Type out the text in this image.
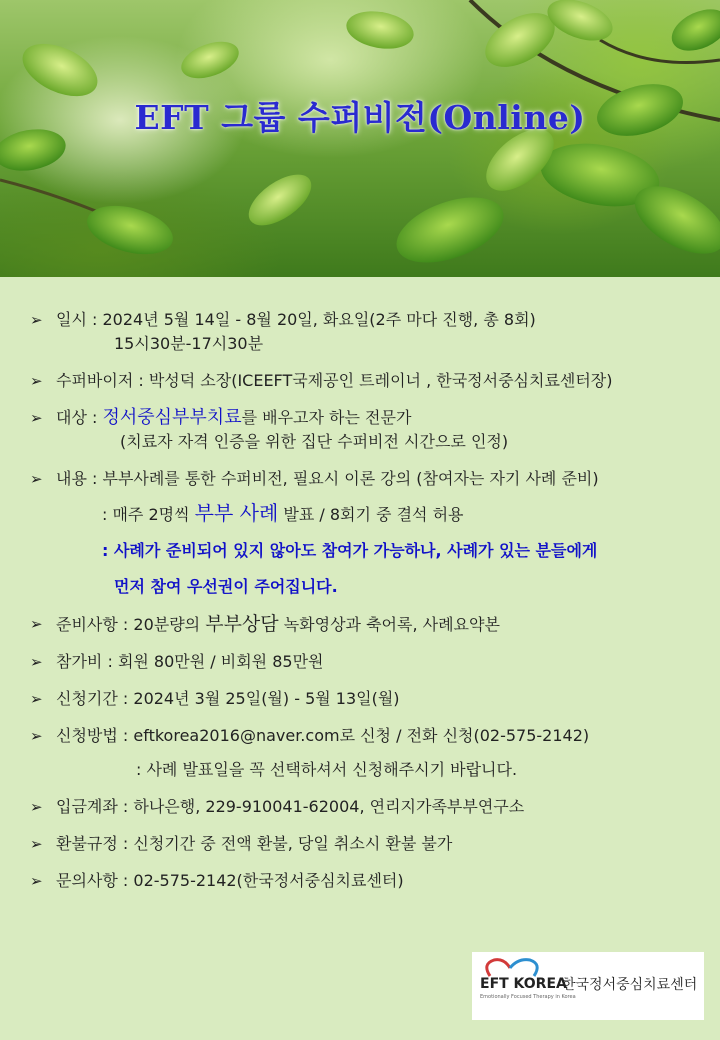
EFT 그룹 수퍼비전(Online)
➢ 일시 : 2024년 5월 14일 - 8월 20일, 화요일(2주 마다 진행, 총 8회)
15시30분-17시30분
➢ 수퍼바이저 : 박성덕 소장(ICEEFT국제공인 트레이너 , 한국정서중심치료센터장)
➢ 대상 : 정서중심부부치료를 배우고자 하는 전문가
(치료자 자격 인증을 위한 집단 수퍼비전 시간으로 인정)
➢ 내용 : 부부사례를 통한 수퍼비전, 필요시 이론 강의 (참여자는 자기 사례 준비)
: 매주 2명씩 부부 사례 발표 / 8회기 중 결석 허용
: 사례가 준비되어 있지 않아도 참여가 가능하나, 사례가 있는 분들에게
먼저 참여 우선권이 주어집니다.
➢ 준비사항 : 20분량의 부부상담 녹화영상과 축어록, 사례요약본
➢ 참가비 : 회원 80만원 / 비회원 85만원
➢ 신청기간 : 2024년 3월 25일(월) - 5월 13일(월)
➢ 신청방법 : eftkorea2016@naver.com로 신청 / 전화 신청(02-575-2142)
: 사례 발표일을 꼭 선택하셔서 신청해주시기 바랍니다.
➢ 입금계좌 : 하나은행, 229-910041-62004, 연리지가족부부연구소
➢ 환불규정 : 신청기간 중 전액 환불, 당일 취소시 환불 불가
➢ 문의사항 : 02-575-2142(한국정서중심치료센터)
EFT KOREA
Emotionally Focused Therapy in Korea
한국정서중심치료센터
